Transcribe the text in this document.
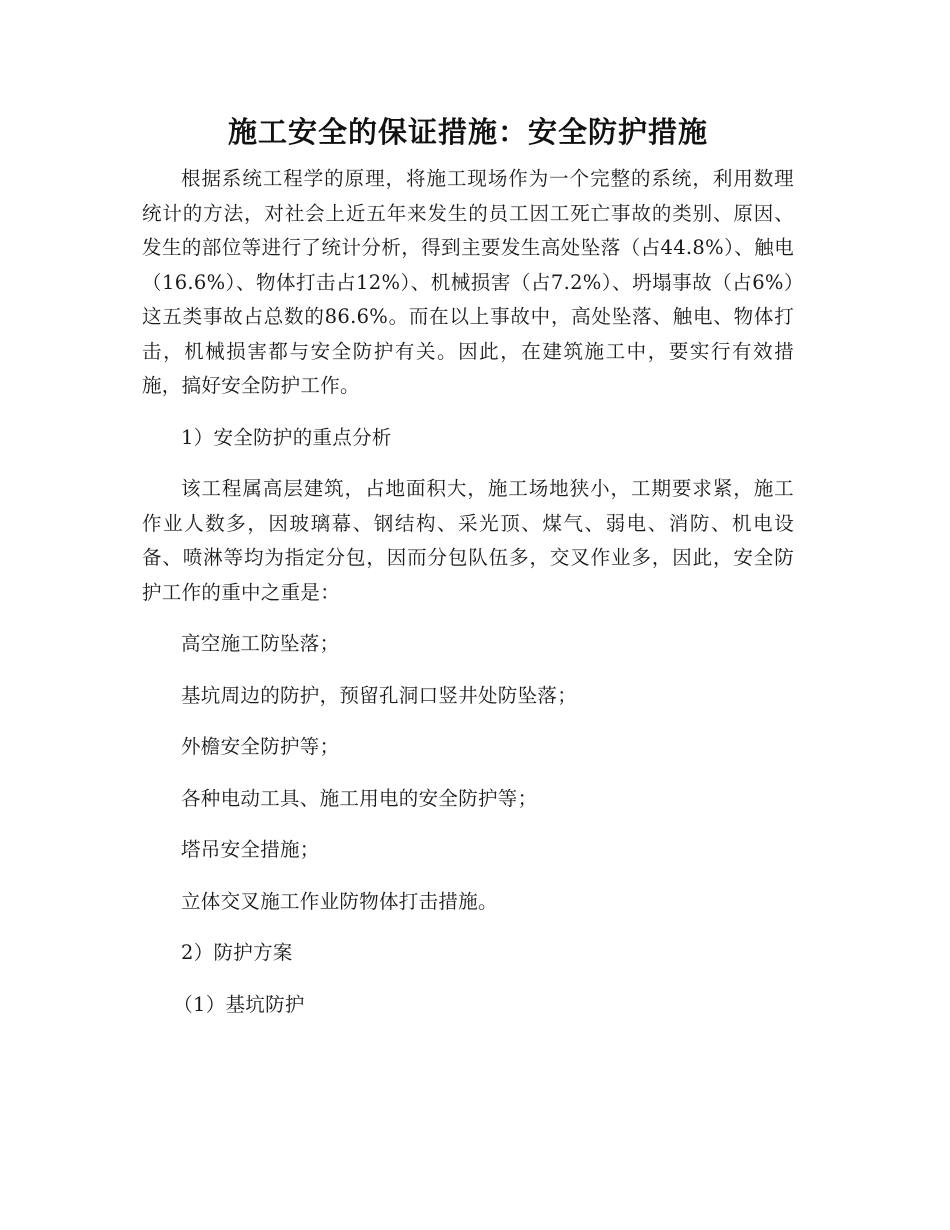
施工安全的保证措施：安全防护措施

根据系统工程学的原理，将施工现场作为一个完整的系统，利用数理统计的方法，对社会上近五年来发生的员工因工死亡事故的类别、原因、发生的部位等进行了统计分析，得到主要发生高处坠落（占44.8%）、触电（16.6%）、物体打击占12%）、机械损害（占7.2%）、坍塌事故（占6%）这五类事故占总数的86.6%。而在以上事故中，高处坠落、触电、物体打击，机械损害都与安全防护有关。因此，在建筑施工中，要实行有效措施，搞好安全防护工作。

1）安全防护的重点分析

该工程属高层建筑，占地面积大，施工场地狭小，工期要求紧，施工作业人数多，因玻璃幕、钢结构、采光顶、煤气、弱电、消防、机电设备、喷淋等均为指定分包，因而分包队伍多，交叉作业多，因此，安全防护工作的重中之重是：

高空施工防坠落；

基坑周边的防护，预留孔洞口竖井处防坠落；

外檐安全防护等；

各种电动工具、施工用电的安全防护等；

塔吊安全措施；

立体交叉施工作业防物体打击措施。

2）防护方案

（1）基坑防护
